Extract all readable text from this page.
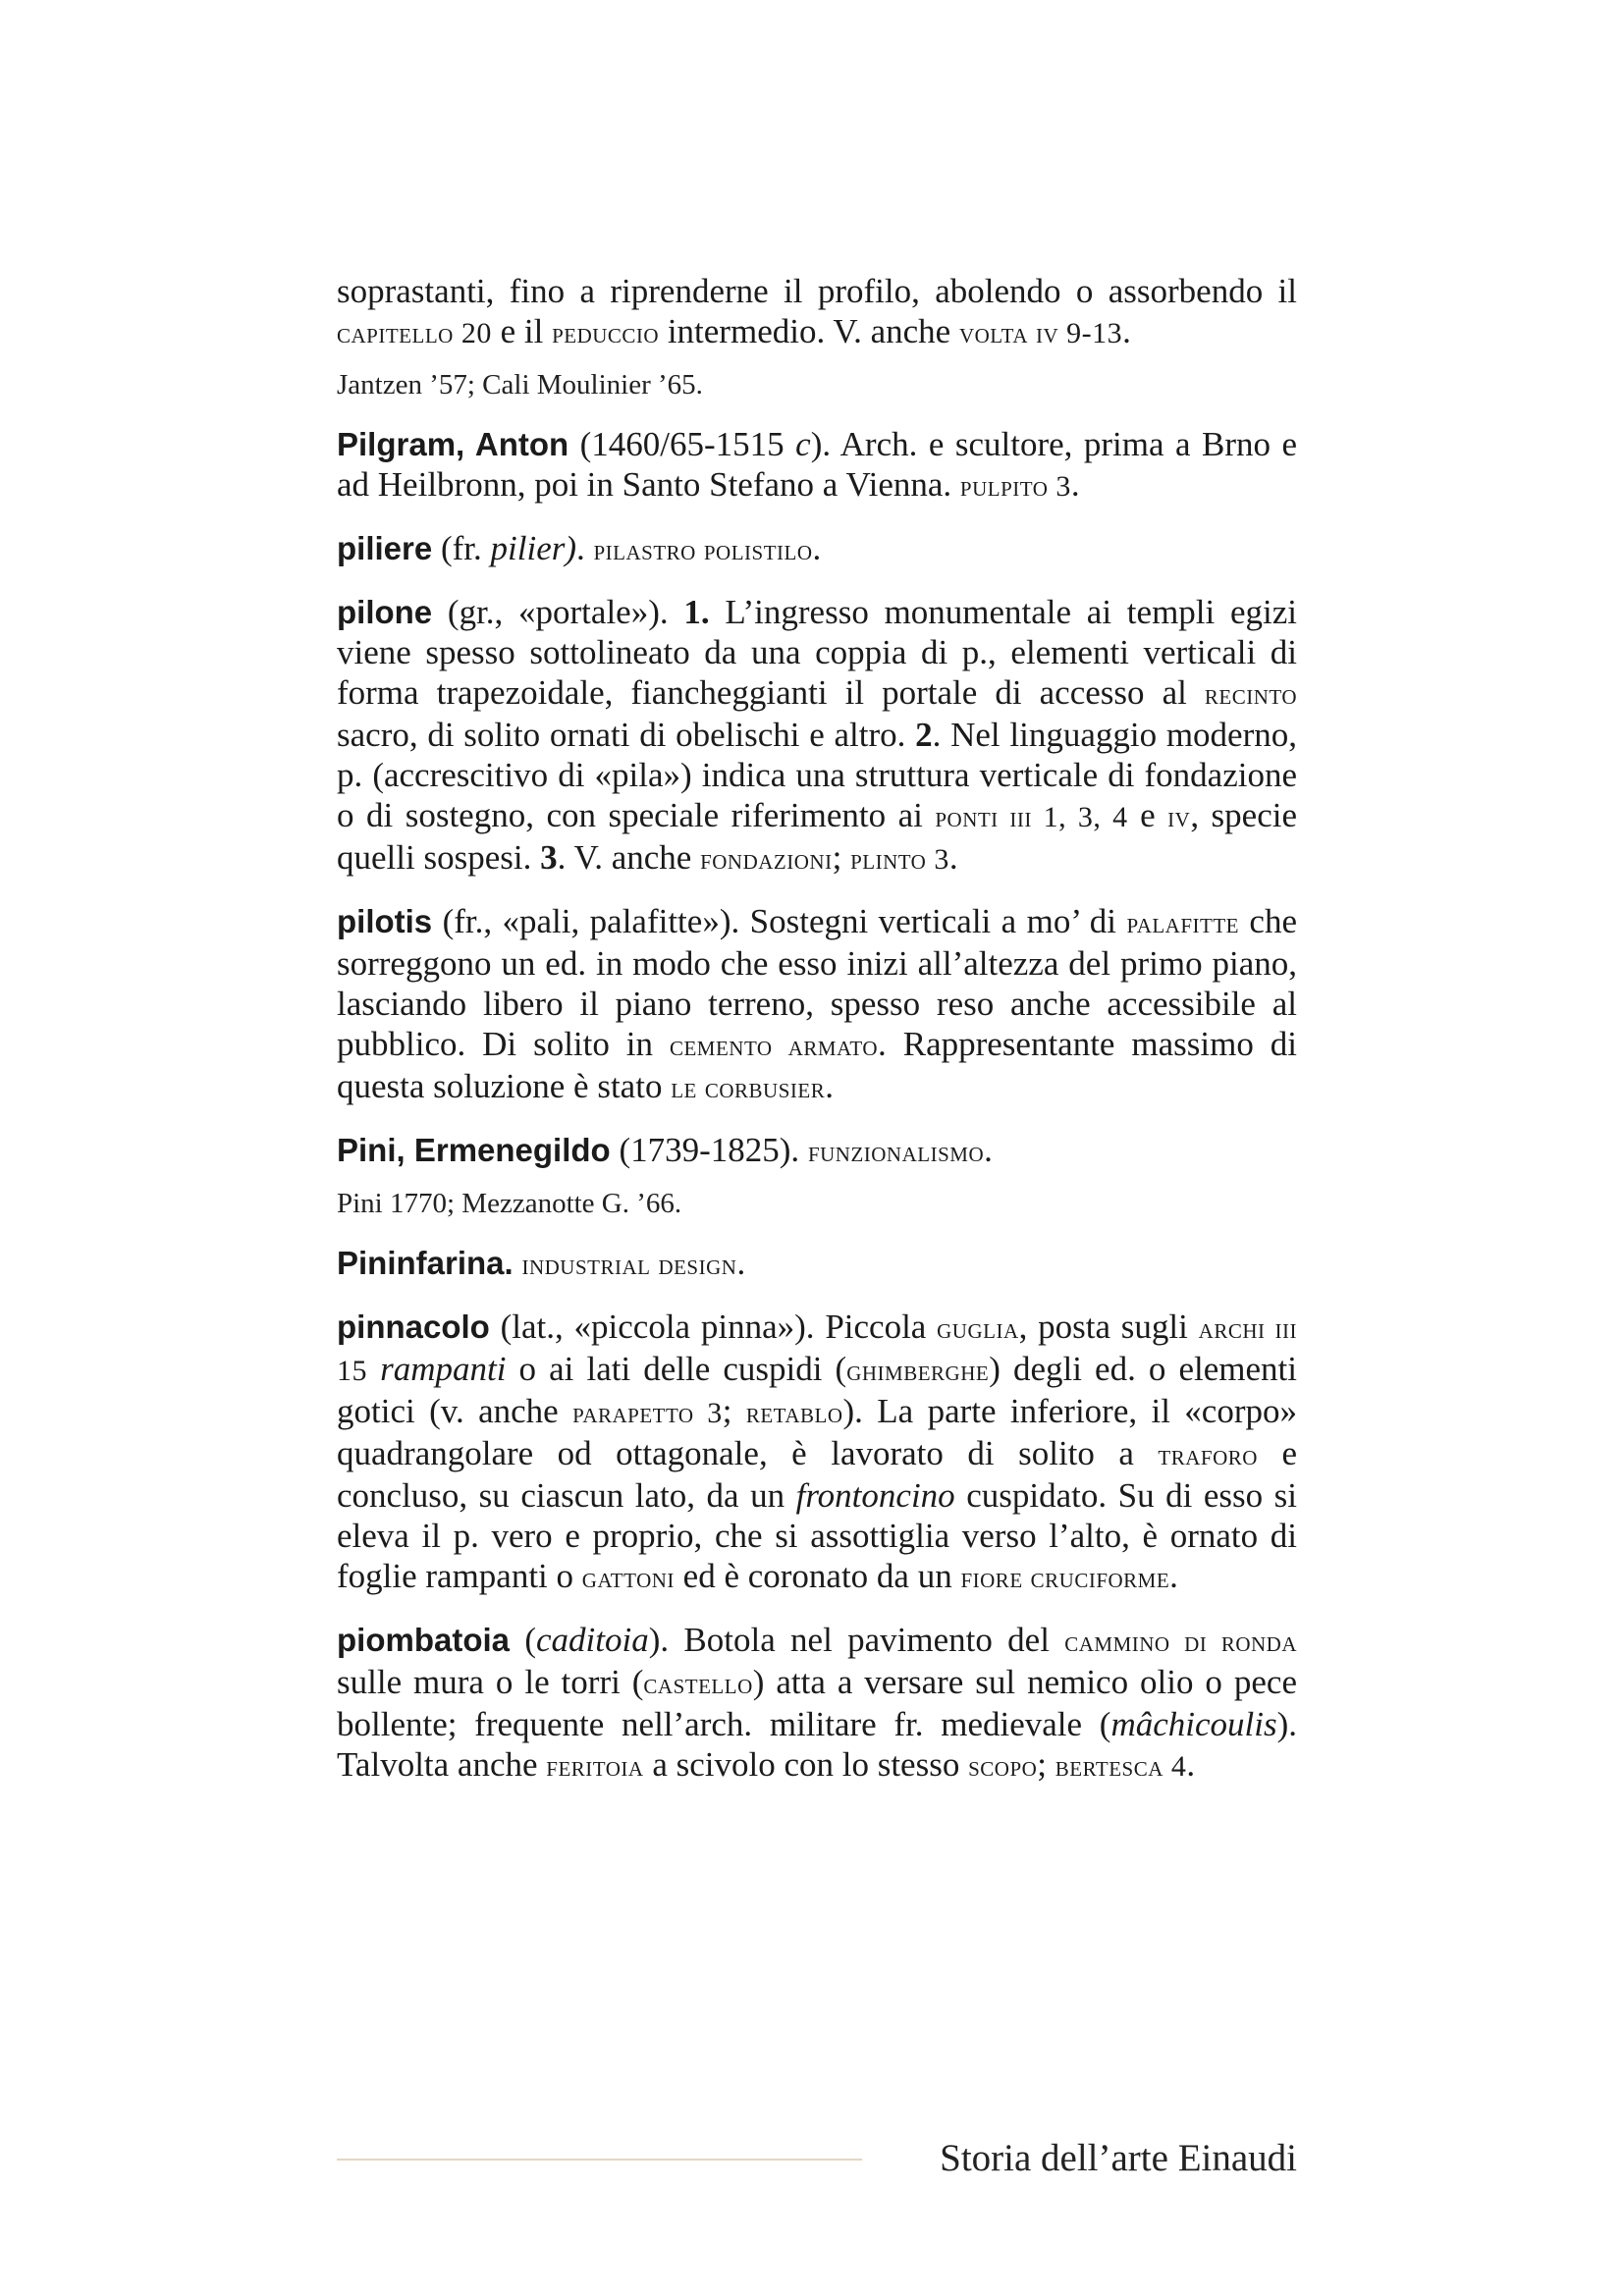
soprastanti, fino a riprenderne il profilo, abolendo o assorbendo il capitello 20 e il peduccio intermedio. V. anche volta iv 9-13.

Jantzen ’57; Cali Moulinier ’65.

Pilgram, Anton (1460/65-1515 c). Arch. e scultore, prima a Brno e ad Heilbronn, poi in Santo Stefano a Vienna. pulpito 3.

piliere (fr. pilier). pilastro polistilo.

pilone (gr., «portale»). 1. L’ingresso monumentale ai templi egizi viene spesso sottolineato da una coppia di p., elementi verticali di forma trapezoidale, fiancheggianti il portale di accesso al recinto sacro, di solito ornati di obelischi e altro. 2. Nel linguaggio moderno, p. (accrescitivo di «pila») indica una struttura verticale di fondazione o di sostegno, con speciale riferimento ai ponti iii 1, 3, 4 e iv, specie quelli sospesi. 3. V. anche fondazioni; plinto 3.

pilotis (fr., «pali, palafitte»). Sostegni verticali a mo’ di palafitte che sorreggono un ed. in modo che esso inizi all’altezza del primo piano, lasciando libero il piano terreno, spesso reso anche accessibile al pubblico. Di solito in cemento armato. Rappresentante massimo di questa soluzione è stato le corbusier.

Pini, Ermenegildo (1739-1825). funzionalismo.

Pini 1770; Mezzanotte G. ’66.

Pininfarina. industrial design.

pinnacolo (lat., «piccola pinna»). Piccola guglia, posta sugli archi iii 15 rampanti o ai lati delle cuspidi (ghimberghe) degli ed. o elementi gotici (v. anche parapetto 3; retablo). La parte inferiore, il «corpo» quadrangolare od ottagonale, è lavorato di solito a traforo e concluso, su ciascun lato, da un frontoncino cuspidato. Su di esso si eleva il p. vero e proprio, che si assottiglia verso l’alto, è ornato di foglie rampanti o gattoni ed è coronato da un fiore cruciforme.

piombatoia (caditoia). Botola nel pavimento del cammino di ronda sulle mura o le torri (castello) atta a versare sul nemico olio o pece bollente; frequente nell’arch. militare fr. medievale (mâchicoulis). Talvolta anche feritoia a scivolo con lo stesso scopo; bertesca 4.

Storia dell’arte Einaudi
